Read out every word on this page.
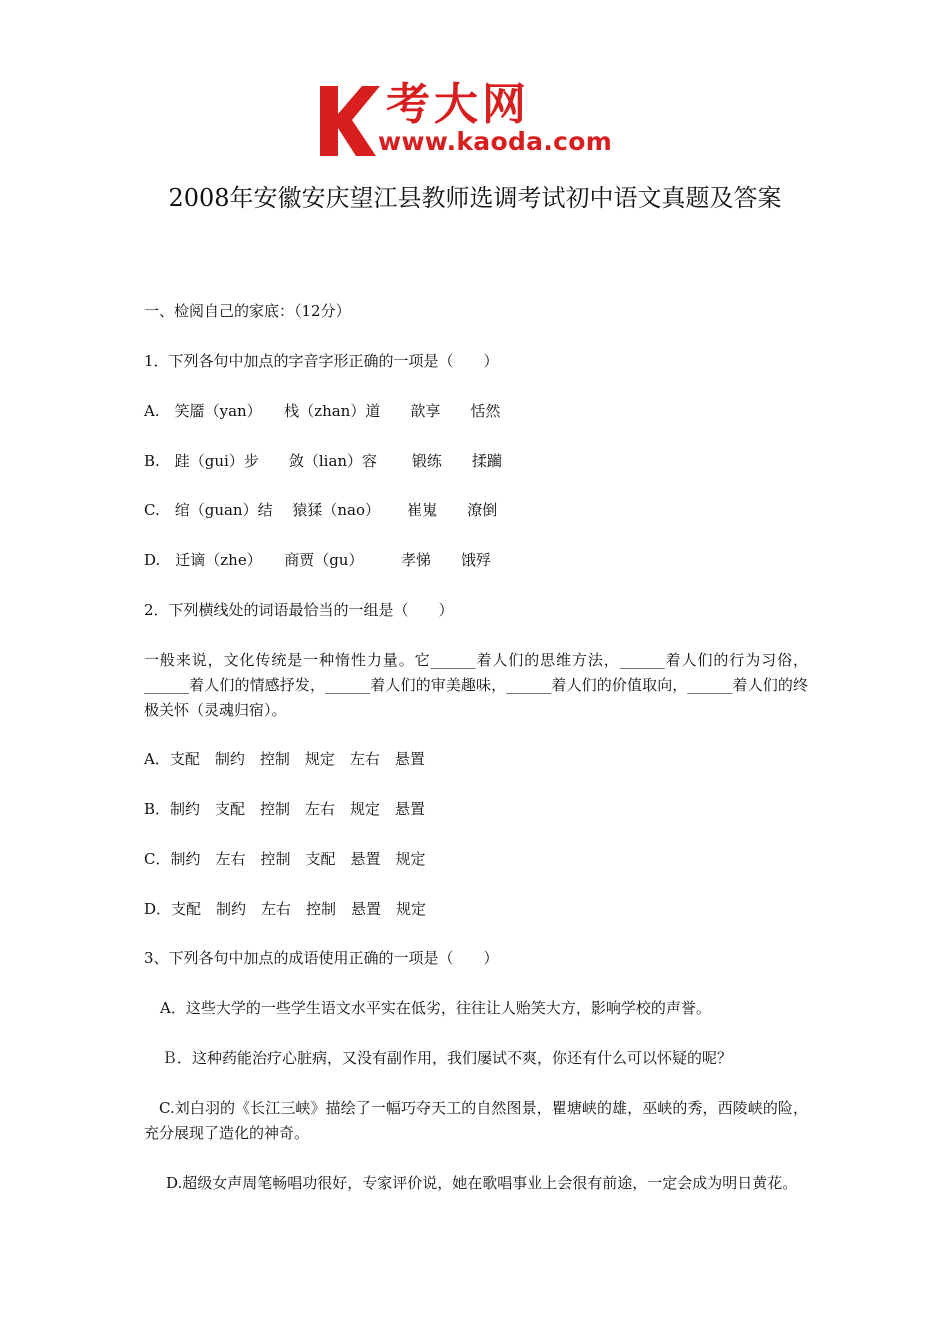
考大网
www.kaoda.com
2008年安徽安庆望江县教师选调考试初中语文真题及答案
一、检阅自己的家底：（12分）
1．下列各句中加点的字音字形正确的一项是（　　）
A.　笑靥（yan）　　栈（zhan）道　　歆享　　恬然
B.　跬（gui）步　　敛（lian）容　　 锻练　　揉躏
C.　绾（guan）结　 猿猱（nao）　　 崔嵬　　潦倒
D.　迁谪（zhe）　　商贾（gu）　　　孝悌　　饿殍
2．下列横线处的词语最恰当的一组是（　　）
一般来说，文化传统是一种惰性力量。它______着人们的思维方法，______着人们的行为习俗，______着人们的情感抒发，______着人们的审美趣味，______着人们的价值取向，______着人们的终极关怀（灵魂归宿）。
A．支配　制约　控制　规定　左右　悬置
B．制约　支配　控制　左右　规定　悬置
C．制约　左右　控制　支配　悬置　规定
D．支配　制约　左右　控制　悬置　规定
3、下列各句中加点的成语使用正确的一项是（　　）
A．这些大学的一些学生语文水平实在低劣，往往让人贻笑大方，影响学校的声誉。
Ｂ．这种药能治疗心脏病，又没有副作用，我们屡试不爽，你还有什么可以怀疑的呢？
C.刘白羽的《长江三峡》描绘了一幅巧夺天工的自然图景，瞿塘峡的雄，巫峡的秀，西陵峡的险，充分展现了造化的神奇。
D.超级女声周笔畅唱功很好，专家评价说，她在歌唱事业上会很有前途，一定会成为明日黄花。
